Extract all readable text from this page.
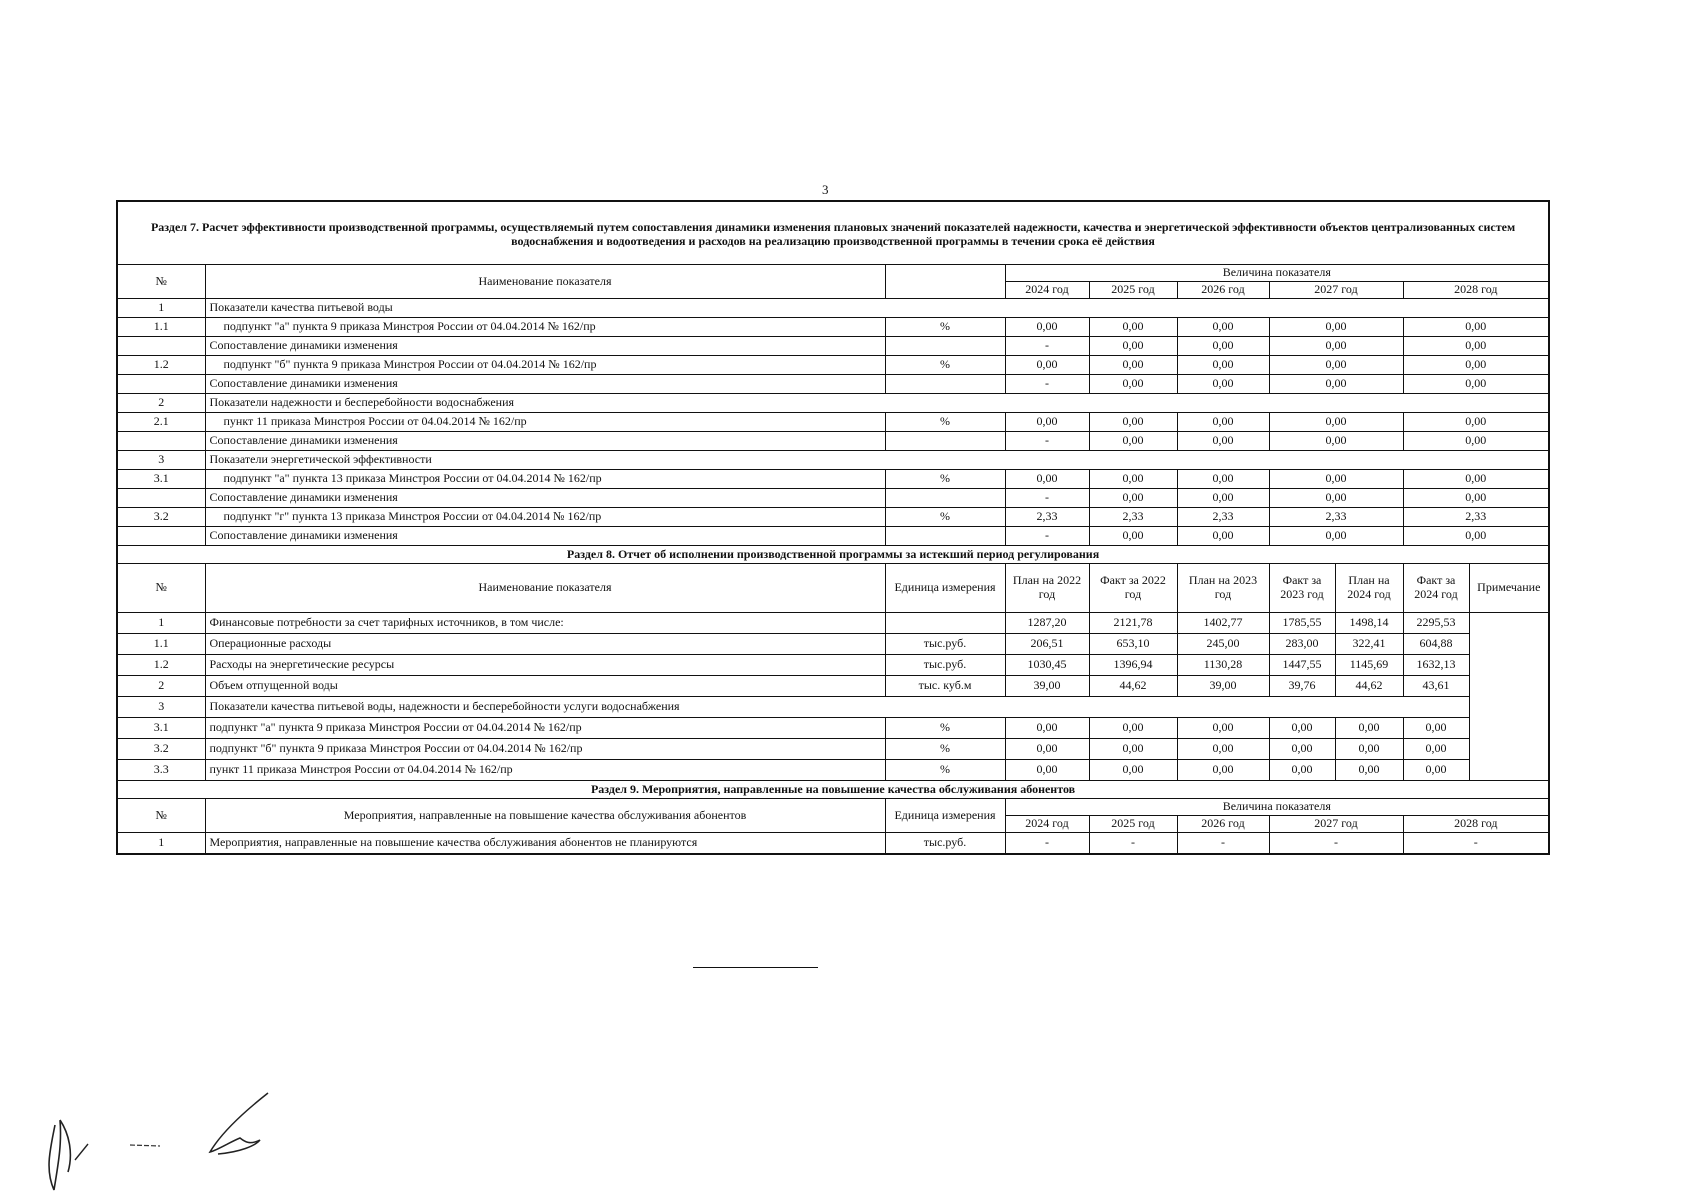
3
Раздел 7. Расчет эффективности производственной программы, осуществляемый путем сопоставления динамики изменения плановых значений показателей надежности, качества и энергетической эффективности объектов централизованных систем водоснабжения и водоотведения и расходов на реализацию производственной программы в течении срока её действия									
№	Наименование показателя		Величина показателя						
			2024 год	2025 год	2026 год	2027 год		2028 год	
1	Показатели качества питьевой воды								
1.1	подпункт "а" пункта 9 приказа Минстроя России от 04.04.2014 № 162/пр	%	0,00	0,00	0,00	0,00		0,00	
	Сопоставление динамики изменения		-	0,00	0,00	0,00		0,00	
1.2	подпункт "б" пункта 9 приказа Минстроя России от 04.04.2014 № 162/пр	%	0,00	0,00	0,00	0,00		0,00	
	Сопоставление динамики изменения		-	0,00	0,00	0,00		0,00	
2	Показатели надежности и бесперебойности водоснабжения								
2.1	пункт 11 приказа Минстроя России от 04.04.2014 № 162/пр	%	0,00	0,00	0,00	0,00		0,00	
	Сопоставление динамики изменения		-	0,00	0,00	0,00		0,00	
3	Показатели энергетической эффективности								
3.1	подпункт "а" пункта 13 приказа Минстроя России от 04.04.2014 № 162/пр	%	0,00	0,00	0,00	0,00		0,00	
	Сопоставление динамики изменения		-	0,00	0,00	0,00		0,00	
3.2	подпункт "г" пункта 13 приказа Минстроя России от 04.04.2014 № 162/пр	%	2,33	2,33	2,33	2,33		2,33	
	Сопоставление динамики изменения		-	0,00	0,00	0,00		0,00	
Раздел 8. Отчет об исполнении производственной программы за истекший период регулирования									
№	Наименование показателя	Единица измерения	План на 2022 год	Факт за 2022 год	План на 2023 год	Факт за 2023 год	План на 2024 год	Факт за 2024 год	Примечание
1	Финансовые потребности за счет тарифных источников, в том числе:		1287,20	2121,78	1402,77	1785,55	1498,14	2295,53	
1.1	Операционные расходы	тыс.руб.	206,51	653,10	245,00	283,00	322,41	604,88	
1.2	Расходы на энергетические ресурсы	тыс.руб.	1030,45	1396,94	1130,28	1447,55	1145,69	1632,13	
2	Объем отпущенной воды	тыс. куб.м	39,00	44,62	39,00	39,76	44,62	43,61	
3	Показатели качества питьевой воды, надежности и бесперебойности услуги водоснабжения								
3.1	подпункт "а" пункта 9 приказа Минстроя России от 04.04.2014 № 162/пр	%	0,00	0,00	0,00	0,00	0,00	0,00	
3.2	подпункт "б" пункта 9 приказа Минстроя России от 04.04.2014 № 162/пр	%	0,00	0,00	0,00	0,00	0,00	0,00	
3.3	пункт 11 приказа Минстроя России от 04.04.2014 № 162/пр	%	0,00	0,00	0,00	0,00	0,00	0,00	
Раздел 9. Мероприятия, направленные на повышение качества обслуживания абонентов									
№	Мероприятия, направленные на повышение качества обслуживания абонентов	Единица измерения	Величина показателя						
			2024 год	2025 год	2026 год	2027 год		2028 год	
1	Мероприятия, направленные на повышение качества обслуживания абонентов не планируются	тыс.руб.	-	-	-	-		-	
